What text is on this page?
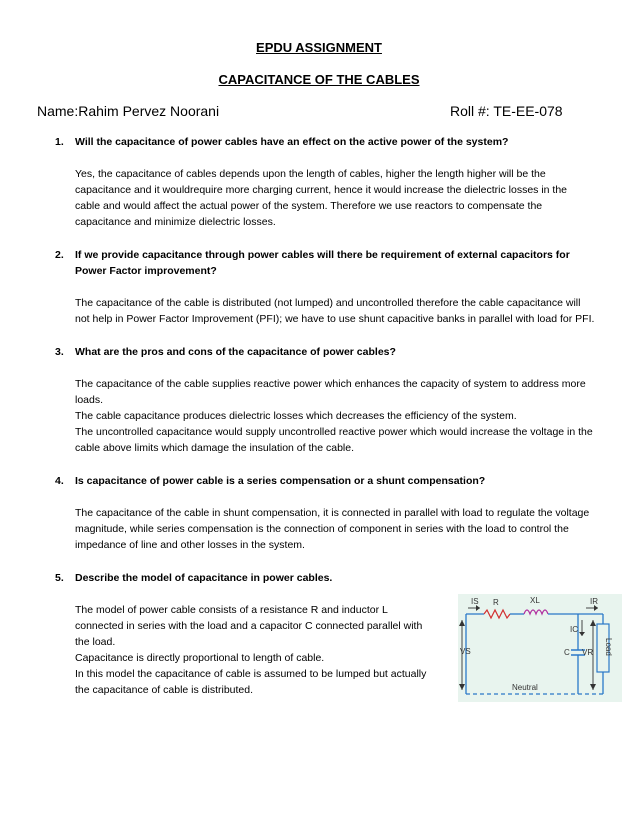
EPDU ASSIGNMENT
CAPACITANCE OF THE CABLES
Name:Rahim Pervez Noorani	Roll #: TE-EE-078
1. Will the capacitance of power cables have an effect on the active power of the system?

Yes, the capacitance of cables depends upon the length of cables, higher the length higher will be the capacitance and it wouldrequire more charging current, hence it would increase the dielectric losses in the cable and would affect the actual power of the system. Therefore we use reactors to compensate the capacitance and minimize dielectric losses.

2. If we provide capacitance through power cables will there be requirement of external capacitors for Power Factor improvement?

The capacitance of the cable is distributed (not lumped) and uncontrolled therefore the cable capacitance will not help in Power Factor Improvement (PFI); we have to use shunt capacitive banks in parallel with load for PFI.

3. What are the pros and cons of the capacitance of power cables?

The capacitance of the cable supplies reactive power which enhances the capacity of system to address more loads.

The cable capacitance produces dielectric losses which decreases the efficiency of the system.

The uncontrolled capacitance would supply uncontrolled reactive power which would increase the voltage in the cable above limits which damage the insulation of the cable.

4. Is capacitance of power cable is a series compensation or a shunt compensation?

The capacitance of the cable in shunt compensation, it is connected in parallel with load to regulate the voltage magnitude, while series compensation is the connection of component in series with the load to control the impedance of line and other losses in the system.

5. Describe the model of capacitance in power cables.

The model of power cable consists of a resistance R and inductor L connected in series with the load and a capacitor C connected parallel with the load.

Capacitance is directly proportional to length of cable.

In this model the capacitance of cable is assumed to be lumped but actually the capacitance of cable is distributed.

IS R	XL	IR
IC
VS	C VR Load
Neutral
